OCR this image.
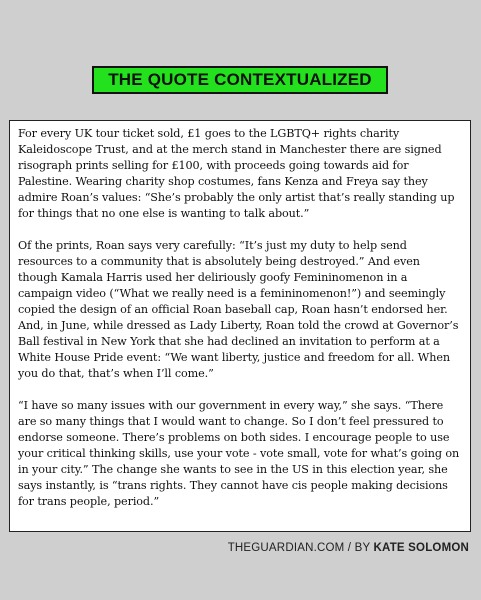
THE QUOTE CONTEXTUALIZED

For every UK tour ticket sold, £1 goes to the LGBTQ+ rights charity Kaleidoscope Trust, and at the merch stand in Manchester there are signed risograph prints selling for £100, with proceeds going towards aid for Palestine. Wearing charity shop costumes, fans Kenza and Freya say they admire Roan’s values: “She’s probably the only artist that’s really standing up for things that no one else is wanting to talk about.”

Of the prints, Roan says very carefully: “It’s just my duty to help send resources to a community that is absolutely being destroyed.” And even though Kamala Harris used her deliriously goofy Femininomenon in a campaign video (“What we really need is a femininomenon!”) and seemingly copied the design of an official Roan baseball cap, Roan hasn’t endorsed her. And, in June, while dressed as Lady Liberty, Roan told the crowd at Governor’s Ball festival in New York that she had declined an invitation to perform at a White House Pride event: “We want liberty, justice and freedom for all. When you do that, that’s when I’ll come.”

“I have so many issues with our government in every way,” she says. “There are so many things that I would want to change. So I don’t feel pressured to endorse someone. There’s problems on both sides. I encourage people to use your critical thinking skills, use your vote - vote small, vote for what’s going on in your city.” The change she wants to see in the US in this election year, she says instantly, is “trans rights. They cannot have cis people making decisions for trans people, period.”

THEGUARDIAN.COM / BY KATE SOLOMON
